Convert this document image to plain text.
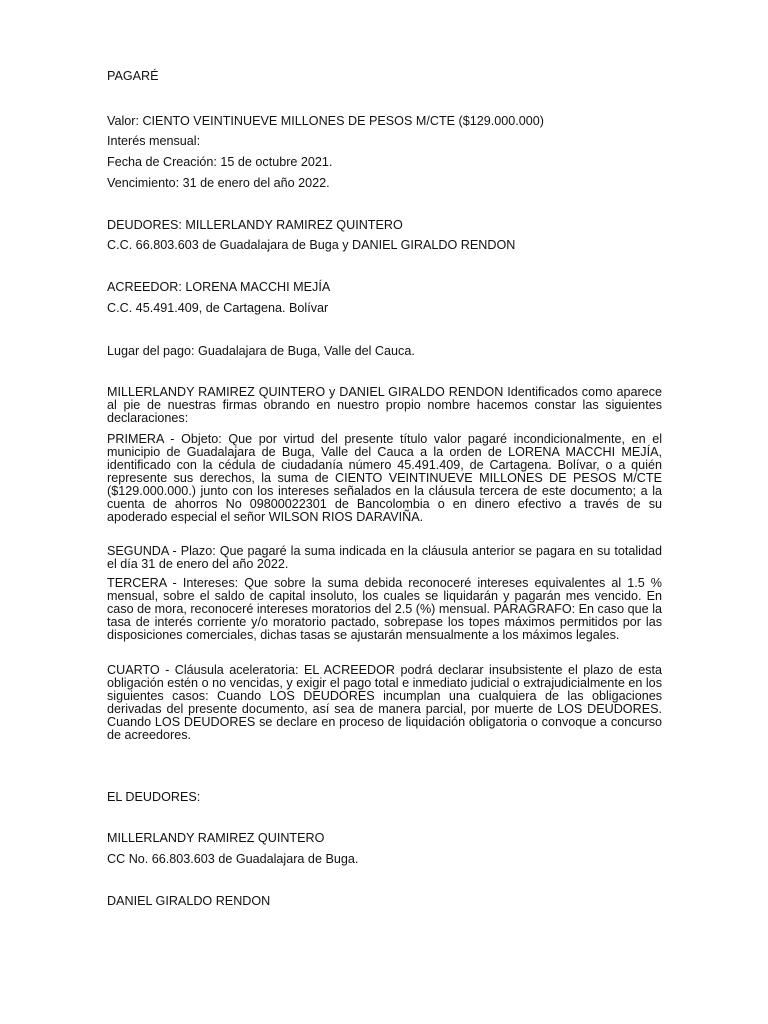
PAGARÉ
Valor: CIENTO VEINTINUEVE MILLONES DE PESOS M/CTE ($129.000.000)
Interés mensual:
Fecha de Creación: 15 de octubre 2021.
Vencimiento: 31 de enero del año 2022.
DEUDORES: MILLERLANDY RAMIREZ QUINTERO
C.C. 66.803.603 de Guadalajara de Buga y DANIEL GIRALDO RENDON
ACREEDOR: LORENA MACCHI MEJÍA
C.C. 45.491.409, de Cartagena. Bolívar
Lugar del pago: Guadalajara de Buga, Valle del Cauca.
MILLERLANDY RAMIREZ QUINTERO y DANIEL GIRALDO RENDON Identificados como aparece al pie de nuestras firmas obrando en nuestro propio nombre hacemos constar las siguientes declaraciones:
PRIMERA - Objeto: Que por virtud del presente título valor pagaré incondicionalmente, en el municipio de Guadalajara de Buga, Valle del Cauca a la orden de LORENA MACCHI MEJÍA, identificado con la cédula de ciudadanía número 45.491.409, de Cartagena. Bolívar, o a quién represente sus derechos, la suma de CIENTO VEINTINUEVE MILLONES DE PESOS M/CTE ($129.000.000.) junto con los intereses señalados en la cláusula tercera de este documento; a la cuenta de ahorros No 09800022301 de Bancolombia o en dinero efectivo a través de su apoderado especial el señor WILSON RIOS DARAVIÑA.
SEGUNDA - Plazo: Que pagaré la suma indicada en la cláusula anterior se pagara en su totalidad el día 31 de enero del año 2022.
TERCERA - Intereses: Que sobre la suma debida reconoceré intereses equivalentes al 1.5 % mensual, sobre el saldo de capital insoluto, los cuales se liquidarán y pagarán mes vencido. En caso de mora, reconoceré intereses moratorios del 2.5 (%) mensual. PARAGRAFO: En caso que la tasa de interés corriente y/o moratorio pactado, sobrepase los topes máximos permitidos por las disposiciones comerciales, dichas tasas se ajustarán mensualmente a los máximos legales.
CUARTO - Cláusula aceleratoria: EL ACREEDOR podrá declarar insubsistente el plazo de esta obligación estén o no vencidas, y exigir el pago total e inmediato judicial o extrajudicialmente en los siguientes casos: Cuando LOS DEUDORES incumplan una cualquiera de las obligaciones derivadas del presente documento, así sea de manera parcial, por muerte de LOS DEUDORES. Cuando LOS DEUDORES se declare en proceso de liquidación obligatoria o convoque a concurso de acreedores.
EL DEUDORES:
MILLERLANDY RAMIREZ QUINTERO
CC No. 66.803.603 de Guadalajara de Buga.
DANIEL GIRALDO RENDON
